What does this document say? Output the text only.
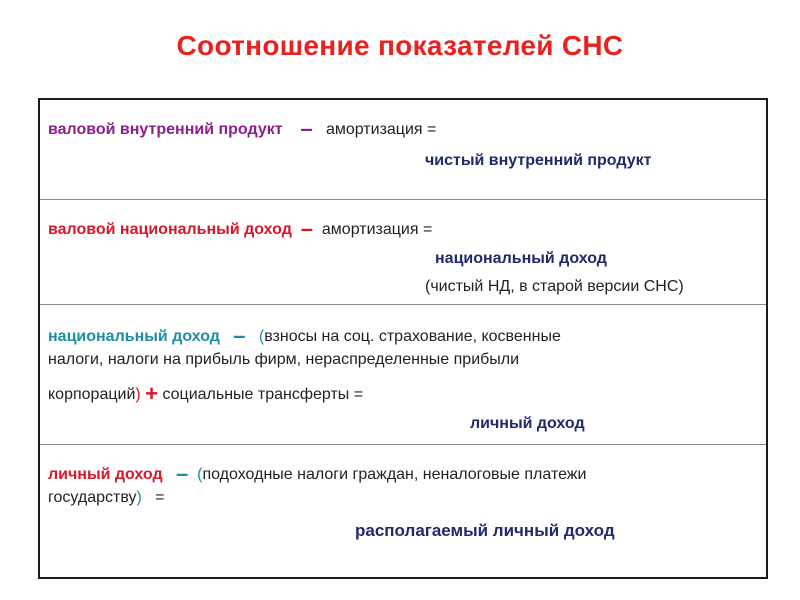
Соотношение показателей СНС
валовой внутренний продукт – амортизация =
чистый внутренний продукт
валовой национальный доход – амортизация =
национальный доход
(чистый НД, в старой версии СНС)
национальный доход – (взносы на соц. страхование, косвенные
налоги, налоги на прибыль фирм, нераспределенные прибыли
корпораций) + социальные трансферты =
личный доход
личный доход – (подоходные налоги граждан, неналоговые платежи
государству)   =
располагаемый личный доход
